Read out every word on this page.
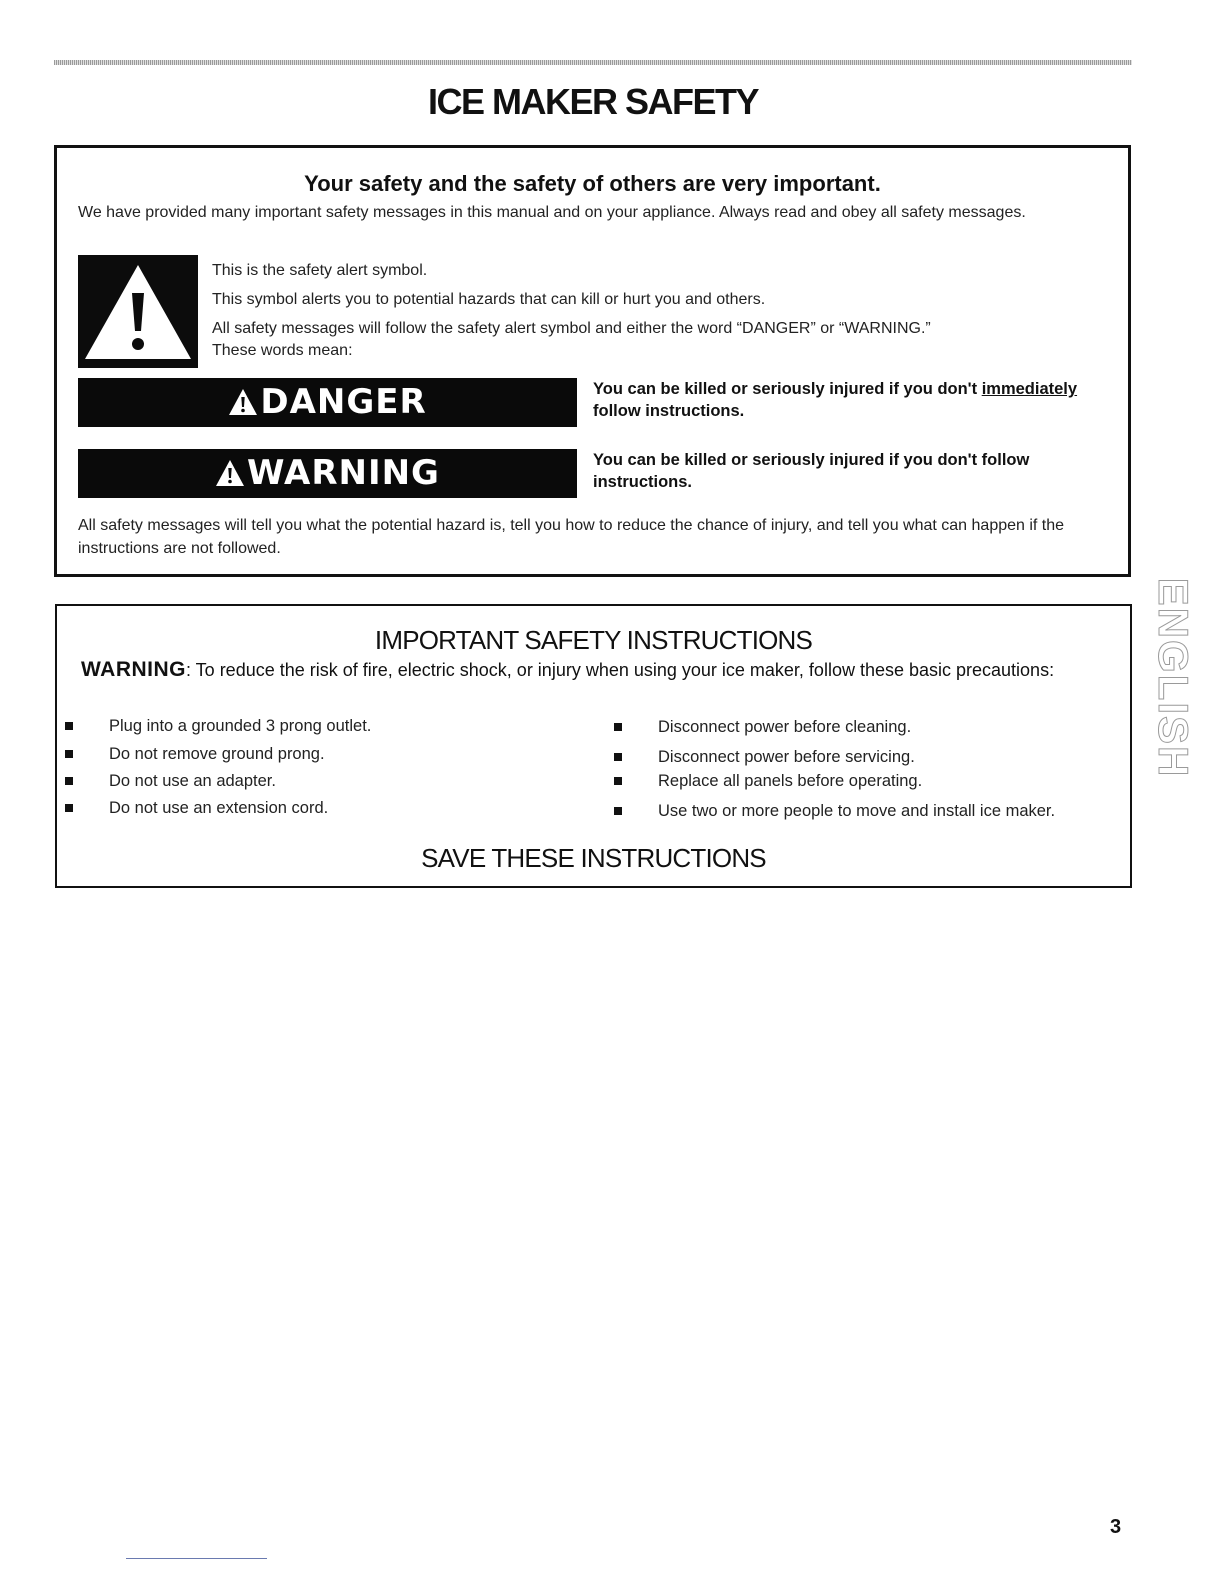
ICE MAKER SAFETY
Your safety and the safety of others are very important.
We have provided many important safety messages in this manual and on your appliance. Always read and obey all safety messages.
This is the safety alert symbol.
This symbol alerts you to potential hazards that can kill or hurt you and others.
All safety messages will follow the safety alert symbol and either the word “DANGER” or “WARNING.”
These words mean:
DANGER	You can be killed or seriously injured if you don't immediately follow instructions.
WARNING	You can be killed or seriously injured if you don't follow instructions.
All safety messages will tell you what the potential hazard is, tell you how to reduce the chance of injury, and tell you what can happen if the instructions are not followed.
IMPORTANT SAFETY INSTRUCTIONS
WARNING: To reduce the risk of fire, electric shock, or injury when using your ice maker, follow these basic precautions:
Plug into a grounded 3 prong outlet.
Do not remove ground prong.
Do not use an adapter.
Do not use an extension cord.
Disconnect power before cleaning.
Disconnect power before servicing.
Replace all panels before operating.
Use two or more people to move and install ice maker.
SAVE THESE INSTRUCTIONS
ENGLISH
3
